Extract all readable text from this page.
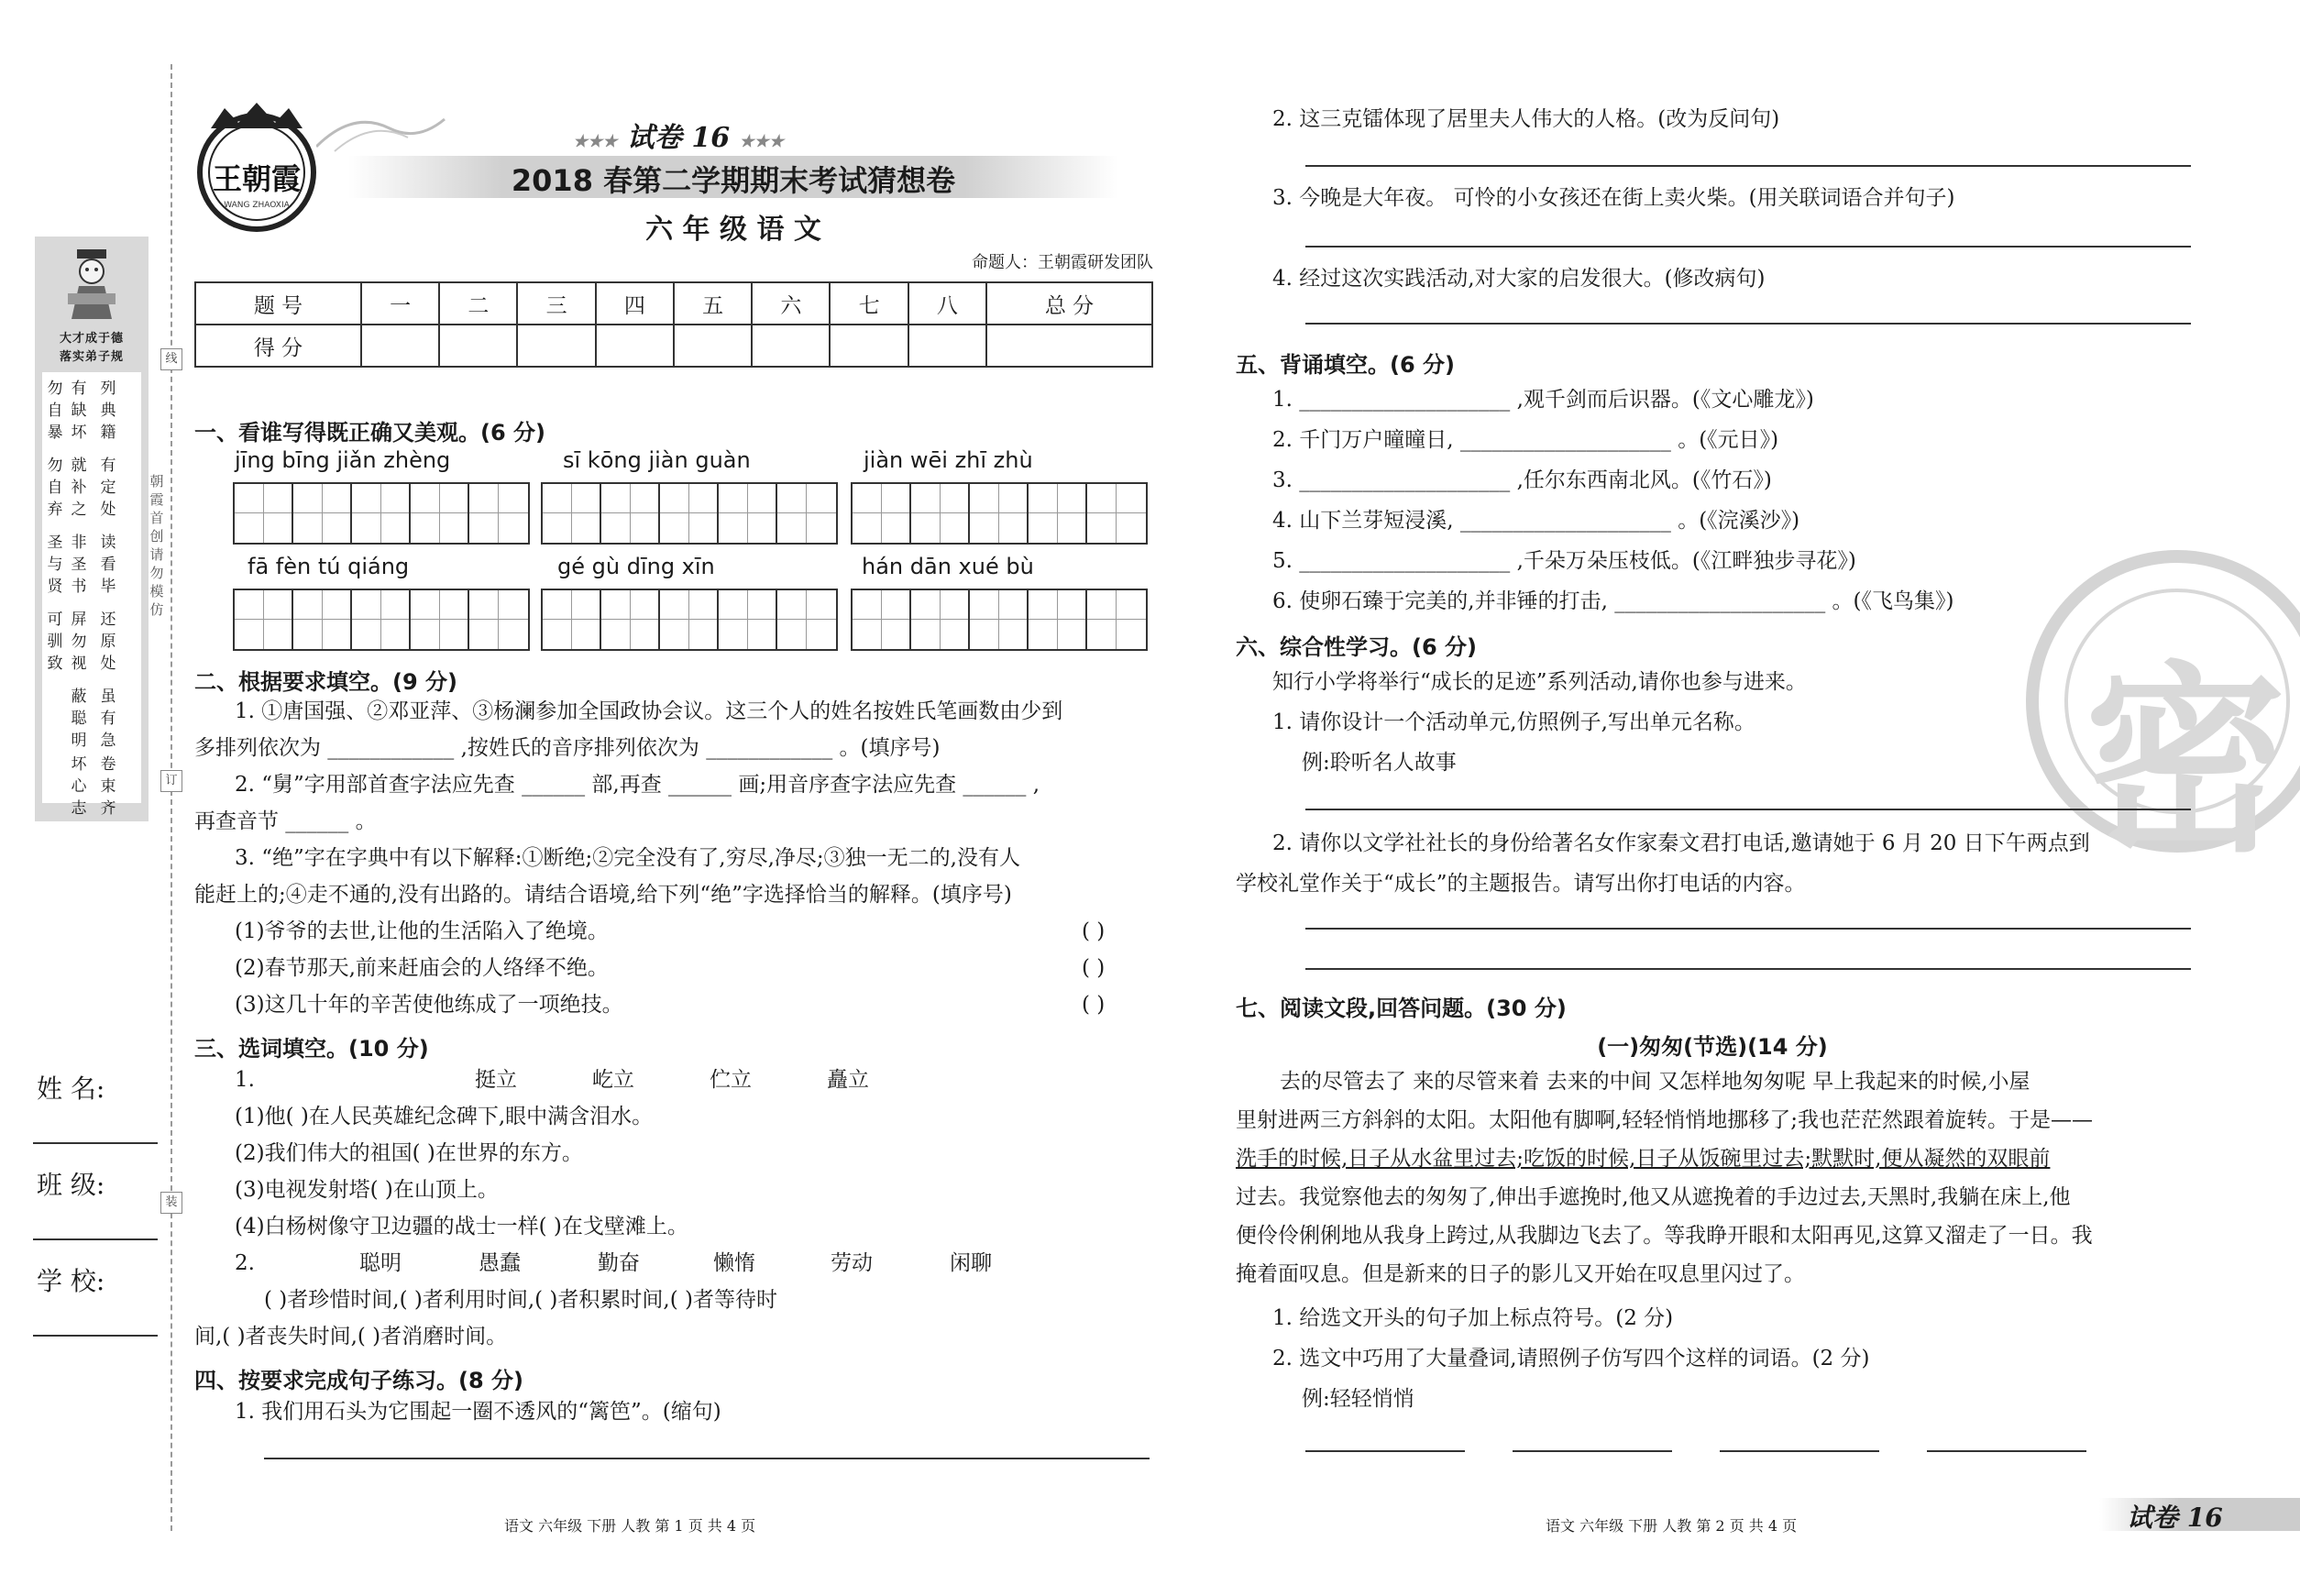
线
订
装
朝霞首创 请勿模仿
大才成于德
落实弟子规
勿自暴
勿自弃
圣与贤
可驯致
有缺坏
就补之
非圣书
屏勿视
蔽聪明
坏心志
列典籍
有定处
读看毕
还原处
虽有急
卷束齐
姓 名:
班 级:
学 校:
王朝霞
WANG ZHAOXIA
★★★ 试卷 16 ★★★
2018 春第二学期期末考试猜想卷
六 年 级 语 文
命题人：王朝霞研发团队
题 号	一	二	三	四	五	六	七	八	总 分
得 分									
一、看谁写得既正确又美观。(6 分)
jīng bīng jiǎn zhèng	sī kōng jiàn guàn	jiàn wēi zhī zhù
fā fèn tú qiáng	gé gù dīng xīn	hán dān xué bù
二、根据要求填空。(9 分)
1. ①唐国强、②邓亚萍、③杨澜参加全国政协会议。这三个人的姓名按姓氏笔画数由少到
多排列依次为 ____________ ,按姓氏的音序排列依次为 ____________ 。(填序号)
2. “舅”字用部首查字法应先查 ______ 部,再查 ______ 画;用音序查字法应先查 ______ ,
再查音节 ______ 。
3. “绝”字在字典中有以下解释:①断绝;②完全没有了,穷尽,净尽;③独一无二的,没有人
能赶上的;④走不通的,没有出路的。请结合语境,给下列“绝”字选择恰当的解释。(填序号)
(1)爷爷的去世,让他的生活陷入了绝境。	( )
(2)春节那天,前来赶庙会的人络绎不绝。	( )
(3)这几十年的辛苦使他练成了一项绝技。	( )
三、选词填空。(10 分)
1.	挺立	屹立	伫立	矗立
(1)他( )在人民英雄纪念碑下,眼中满含泪水。
(2)我们伟大的祖国( )在世界的东方。
(3)电视发射塔( )在山顶上。
(4)白杨树像守卫边疆的战士一样( )在戈壁滩上。
2.	聪明	愚蠢	勤奋	懒惰	劳动	闲聊
( )者珍惜时间,( )者利用时间,( )者积累时间,( )者等待时
间,( )者丧失时间,( )者消磨时间。
四、按要求完成句子练习。(8 分)
1. 我们用石头为它围起一圈不透风的“篱笆”。(缩句)
语文 六年级 下册 人教 第 1 页 共 4 页
密
2. 这三克镭体现了居里夫人伟大的人格。(改为反问句)
3. 今晚是大年夜。 可怜的小女孩还在街上卖火柴。(用关联词语合并句子)
4. 经过这次实践活动,对大家的启发很大。(修改病句)
五、背诵填空。(6 分)
1. ____________________ ,观千剑而后识器。(《文心雕龙》)
2. 千门万户曈曈日, ____________________ 。(《元日》)
3. ____________________ ,任尔东西南北风。(《竹石》)
4. 山下兰芽短浸溪, ____________________ 。(《浣溪沙》)
5. ____________________ ,千朵万朵压枝低。(《江畔独步寻花》)
6. 使卵石臻于完美的,并非锤的打击, ____________________ 。(《飞鸟集》)
六、综合性学习。(6 分)
知行小学将举行“成长的足迹”系列活动,请你也参与进来。
1. 请你设计一个活动单元,仿照例子,写出单元名称。
例:聆听名人故事
2. 请你以文学社社长的身份给著名女作家秦文君打电话,邀请她于 6 月 20 日下午两点到
学校礼堂作关于“成长”的主题报告。请写出你打电话的内容。
七、阅读文段,回答问题。(30 分)
(一)匆匆(节选)(14 分)
去的尽管去了 来的尽管来着 去来的中间 又怎样地匆匆呢 早上我起来的时候,小屋
里射进两三方斜斜的太阳。太阳他有脚啊,轻轻悄悄地挪移了;我也茫茫然跟着旋转。于是——
洗手的时候,日子从水盆里过去;吃饭的时候,日子从饭碗里过去;默默时,便从凝然的双眼前
过去。我觉察他去的匆匆了,伸出手遮挽时,他又从遮挽着的手边过去,天黑时,我躺在床上,他
便伶伶俐俐地从我身上跨过,从我脚边飞去了。等我睁开眼和太阳再见,这算又溜走了一日。我
掩着面叹息。但是新来的日子的影儿又开始在叹息里闪过了。
1. 给选文开头的句子加上标点符号。(2 分)
2. 选文中巧用了大量叠词,请照例子仿写四个这样的词语。(2 分)
例:轻轻悄悄
语文 六年级 下册 人教 第 2 页 共 4 页	试卷 16
